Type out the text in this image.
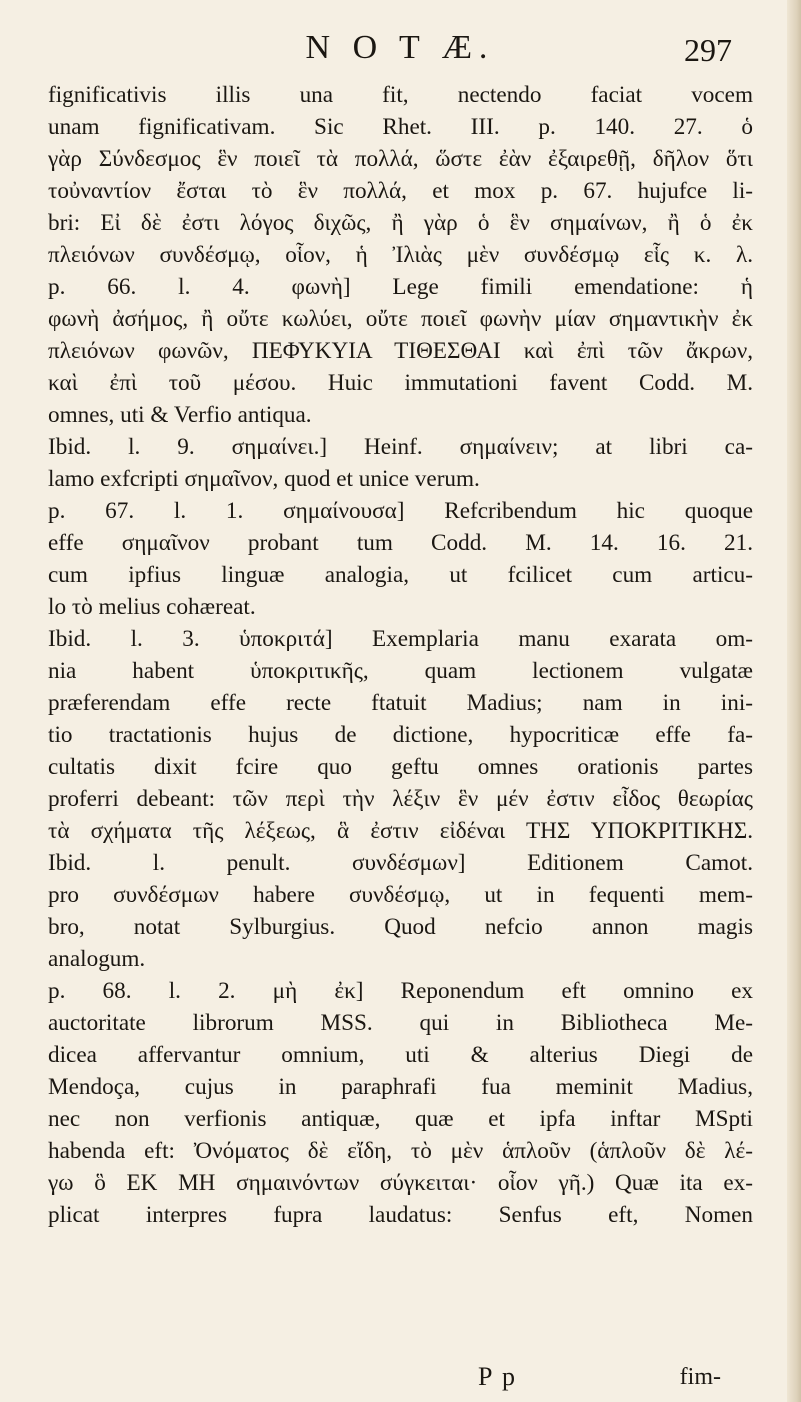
N O T Æ.	297
fignificativis illis una fit, nectendo faciat vocem
unam fignificativam. Sic Rhet. III. p. 140. 27. ὁ
γὰρ Σύνδεσμος ἓν ποιεῖ τὰ πολλά, ὥστε ἐὰν ἐξαιρεθῇ, δῆλον ὅτι
τοὐναντίον ἔσται τὸ ἓν πολλά, et mox p. 67. hujufce li-
bri: Εἰ δὲ ἐστι λόγος διχῶς, ἢ γὰρ ὁ ἓν σημαίνων, ἢ ὁ ἐκ
πλειόνων συνδέσμῳ, οἷον, ἡ Ἰλιὰς μὲν συνδέσμῳ εἷς κ. λ.
p. 66. l. 4. φωνὴ] Lege fimili emendatione: ἡ
φωνὴ ἀσήμος, ἢ οὔτε κωλύει, οὔτε ποιεῖ φωνὴν μίαν σημαντικὴν ἐκ
πλειόνων φωνῶν, ΠΕΦΥΚΥΙΑ ΤΙΘΕΣΘΑΙ καὶ ἐπὶ τῶν ἄκρων,
καὶ ἐπὶ τοῦ μέσου. Huic immutationi favent Codd. M.
omnes, uti & Verfio antiqua.
Ibid. l. 9. σημαίνει.] Heinf. σημαίνειν; at libri ca-
lamo exfcripti σημαῖνον, quod et unice verum.
p. 67. l. 1. σημαίνουσα] Refcribendum hic quoque
effe σημαῖνον probant tum Codd. M. 14. 16. 21.
cum ipfius linguæ analogia, ut fcilicet cum articu-
lo τὸ melius cohæreat.
Ibid. l. 3. ὑποκριτά] Exemplaria manu exarata om-
nia habent ὑποκριτικῆς, quam lectionem vulgatæ
præferendam effe recte ftatuit Madius; nam in ini-
tio tractationis hujus de dictione, hypocriticæ effe fa-
cultatis dixit fcire quo geftu omnes orationis partes
proferri debeant: τῶν περὶ τὴν λέξιν ἓν μέν ἐστιν εἶδος θεωρίας
τὰ σχήματα τῆς λέξεως, ἃ ἐστιν εἰδέναι ΤΗΣ ΥΠΟΚΡΙΤΙΚΗΣ.
Ibid. l. penult. συνδέσμων] Editionem Camot.
pro συνδέσμων habere συνδέσμῳ, ut in fequenti mem-
bro, notat Sylburgius. Quod nefcio annon magis
analogum.
p. 68. l. 2. μὴ ἐκ] Reponendum eft omnino ex
auctoritate librorum MSS. qui in Bibliotheca Me-
dicea affervantur omnium, uti & alterius Diegi de
Mendoça, cujus in paraphrafi fua meminit Madius,
nec non verfionis antiquæ, quæ et ipfa inftar MSpti
habenda eft: Ὀνόματος δὲ εἴδη, τὸ μὲν ἁπλοῦν (ἁπλοῦν δὲ λέ-
γω ὃ ΕΚ ΜΗ σημαινόντων σύγκειται· οἷον γῆ.) Quæ ita ex-
plicat interpres fupra laudatus: Senfus eft, Nomen
P p	fim-
